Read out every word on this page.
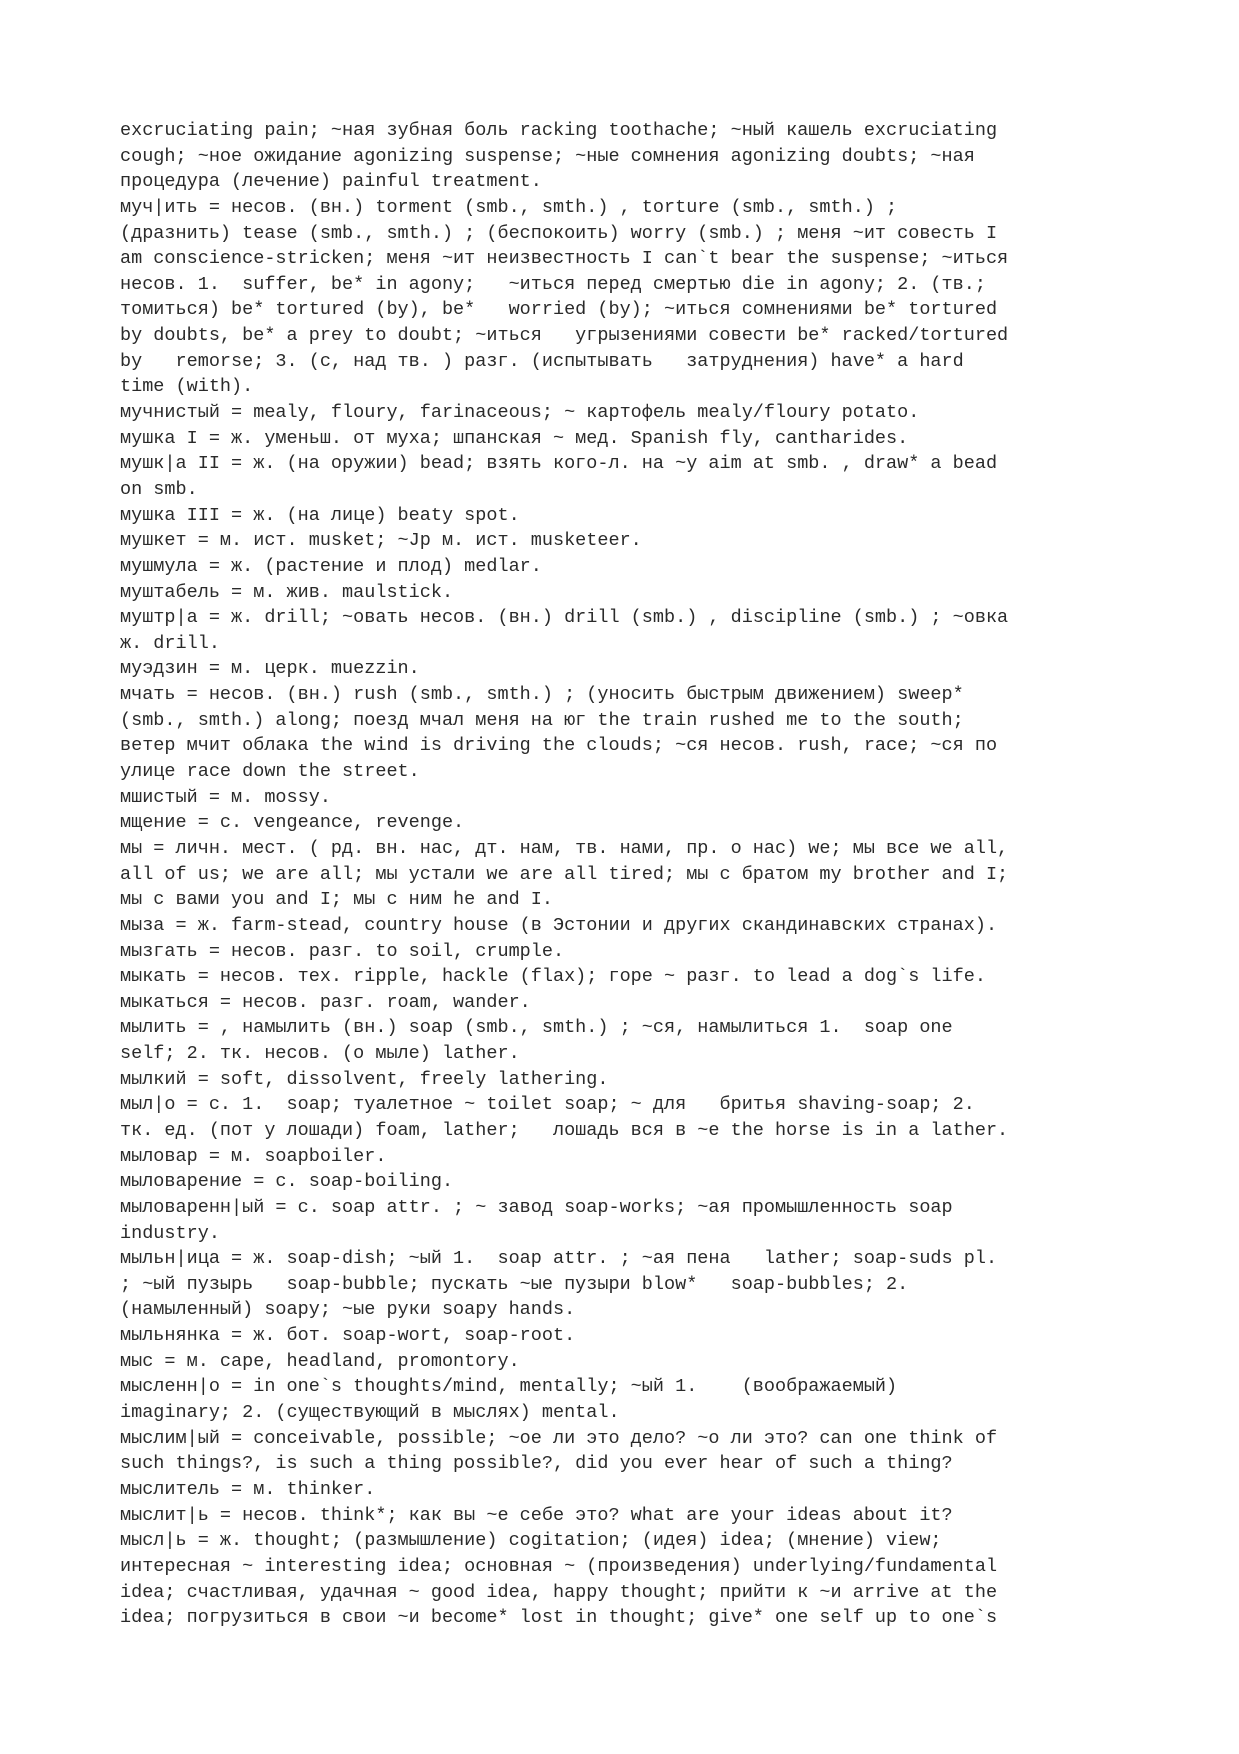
excruciating pain; ~ная зубная боль racking toothache; ~ный кашель excruciating
cough; ~ное ожидание agonizing suspense; ~ные сомнения agonizing doubts; ~ная
процедура (лечение) painful treatment.
муч|ить = несов. (вн.) torment (smb., smth.) , torture (smb., smth.) ;
(дразнить) tease (smb., smth.) ; (беспокоить) worry (smb.) ; меня ~ит совесть I
am conscience-stricken; меня ~ит неизвестность I can`t bear the suspense; ~иться
несов. 1.  suffer, be* in agony;   ~иться перед смертью die in agony; 2. (тв.;
томиться) be* tortured (by), be*   worried (by); ~иться сомнениями be* tortured
by doubts, be* a prey to doubt; ~иться   угрызениями совести be* racked/tortured
by   remorse; 3. (с, над тв. ) разг. (испытывать   затруднения) have* a hard
time (with).
мучнистый = mealy, floury, farinaceous; ~ картофель mealy/floury potato.
мушка I = ж. уменьш. от муха; шпанская ~ мед. Spanish fly, cantharides.
мушк|а II = ж. (на оружии) bead; взять кого-л. на ~у aim at smb. , draw* a bead
on smb.
мушка III = ж. (на лице) beaty spot.
мушкет = м. ист. musket; ~Jр м. ист. musketeer.
мушмула = ж. (растение и плод) medlar.
муштабель = м. жив. maulstick.
муштр|а = ж. drill; ~овать несов. (вн.) drill (smb.) , discipline (smb.) ; ~овка
ж. drill.
муэдзин = м. церк. muezzin.
мчать = несов. (вн.) rush (smb., smth.) ; (уносить быстрым движением) sweep*
(smb., smth.) along; поезд мчал меня на юг the train rushed me to the south;
ветер мчит облака the wind is driving the clouds; ~ся несов. rush, race; ~ся по
улице race down the street.
мшистый = м. mossy.
мщение = с. vengeance, revenge.
мы = личн. мест. ( рд. вн. нас, дт. нам, тв. нами, пр. о нас) we; мы все we all,
all of us; we are all; мы устали we are all tired; мы с братом my brother and I;
мы с вами you and I; мы с ним he and I.
мыза = ж. farm-stead, country house (в Эстонии и других скандинавских странах).
мызгать = несов. разг. to soil, crumple.
мыкать = несов. тех. ripple, hackle (flax); горе ~ разг. to lead a dog`s life.
мыкаться = несов. разг. roam, wander.
мылить = , намылить (вн.) soap (smb., smth.) ; ~ся, намылиться 1.  soap one
self; 2. тк. несов. (о мыле) lather.
мылкий = soft, dissolvent, freely lathering.
мыл|о = с. 1.  soap; туалетное ~ toilet soap; ~ для   бритья shaving-soap; 2.
тк. ед. (пот у лошади) foam, lather;   лошадь вся в ~е the horse is in a lather.
мыловар = м. soapboiler.
мыловарение = с. soap-boiling.
мыловаренн|ый = с. soap attr. ; ~ завод soap-works; ~ая промышленность soap
industry.
мыльн|ица = ж. soap-dish; ~ый 1.  soap attr. ; ~ая пена   lather; soap-suds pl.
; ~ый пузырь   soap-bubble; пускать ~ые пузыри blow*   soap-bubbles; 2.
(намыленный) soapy; ~ые руки soapy hands.
мыльнянка = ж. бот. soap-wort, soap-root.
мыс = м. cape, headland, promontory.
мысленн|о = in one`s thoughts/mind, mentally; ~ый 1.    (воображаемый)
imaginary; 2. (существующий в мыслях) mental.
мыслим|ый = conceivable, possible; ~ое ли это дело? ~о ли это? can one think of
such things?, is such a thing possible?, did you ever hear of such a thing?
мыслитель = м. thinker.
мыслит|ь = несов. think*; как вы ~е себе это? what are your ideas about it?
мысл|ь = ж. thought; (размышление) cogitation; (идея) idea; (мнение) view;
интересная ~ interesting idea; основная ~ (произведения) underlying/fundamental
idea; счастливая, удачная ~ good idea, happy thought; прийти к ~и arrive at the
idea; погрузиться в свои ~и become* lost in thought; give* one self up to one`s
